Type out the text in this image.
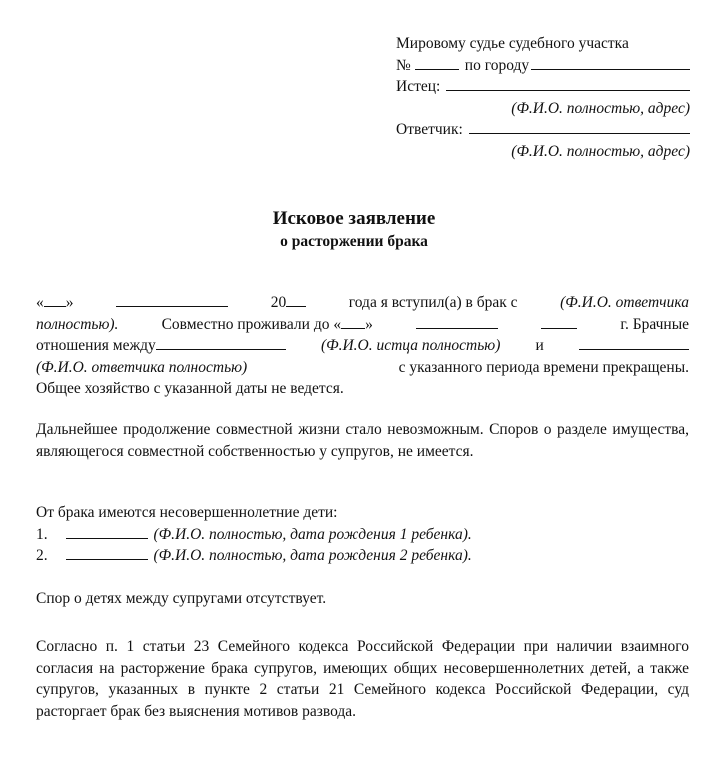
Мировому судье судебного участка
№	по городу
Истец:
(Ф.И.О. полностью, адрес)
Ответчик:
(Ф.И.О. полностью, адрес)
Исковое заявление
о расторжении брака
« »	20	года я вступил(а) в брак с	(Ф.И.О. ответчика
полностью).	Совместно проживали до « »	г. Брачные
отношения между	(Ф.И.О. истца полностью) и
(Ф.И.О. ответчика полностью)	с указанного периода времени прекращены.
Общее хозяйство с указанной даты не ведется.
Дальнейшее продолжение совместной жизни стало невозможным. Споров о разделе имущества, являющегося совместной собственностью у супругов, не имеется.
От брака имеются несовершеннолетние дети:
1.	(Ф.И.О. полностью, дата рождения 1 ребенка).
2.	(Ф.И.О. полностью, дата рождения 2 ребенка).
Спор о детях между супругами отсутствует.
Согласно п. 1 статьи 23 Семейного кодекса Российской Федерации при наличии взаимного согласия на расторжение брака супругов, имеющих общих несовершеннолетних детей, а также супругов, указанных в пункте 2 статьи 21 Семейного кодекса Российской Федерации, суд расторгает брак без выяснения мотивов развода.
